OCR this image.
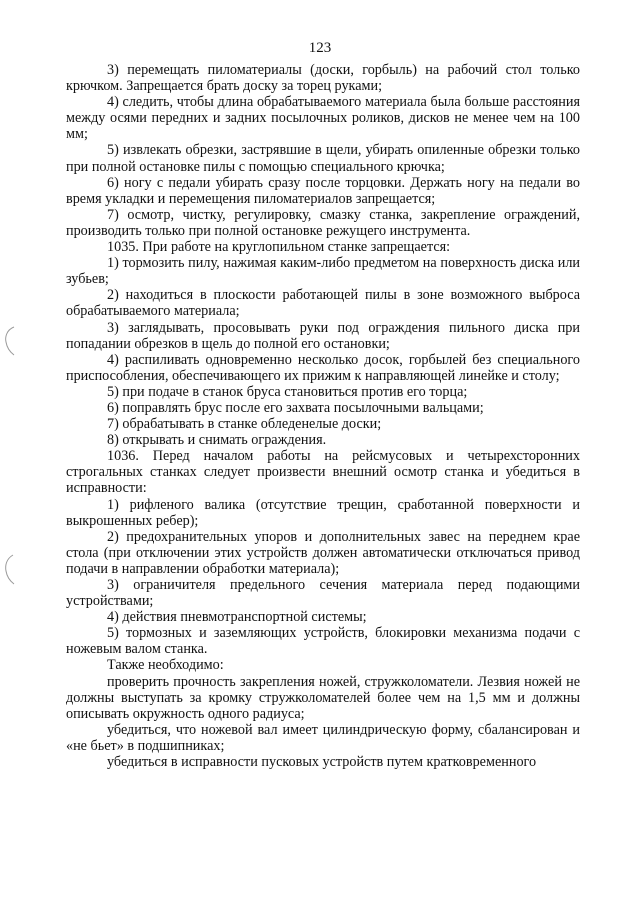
123

3) перемещать пиломатериалы (доски, горбыль) на рабочий стол только крючком. Запрещается брать доску за торец руками;

4) следить, чтобы длина обрабатываемого материала была больше расстояния между осями передних и задних посылочных роликов, дисков не менее чем на 100 мм;

5) извлекать обрезки, застрявшие в щели, убирать опиленные обрезки только при полной остановке пилы с помощью специального крючка;

6) ногу с педали убирать сразу после торцовки. Держать ногу на педали во время укладки и перемещения пиломатериалов запрещается;

7) осмотр, чистку, регулировку, смазку станка, закрепление ограждений, производить только при полной остановке режущего инструмента.

1035. При работе на круглопильном станке запрещается:

1) тормозить пилу, нажимая каким-либо предметом на поверхность диска или зубьев;

2) находиться в плоскости работающей пилы в зоне возможного выброса обрабатываемого материала;

3) заглядывать, просовывать руки под ограждения пильного диска при попадании обрезков в щель до полной его остановки;

4) распиливать одновременно несколько досок, горбылей без специального приспособления, обеспечивающего их прижим к направляющей линейке и столу;

5) при подаче в станок бруса становиться против его торца;

6) поправлять брус после его захвата посылочными вальцами;

7) обрабатывать в станке обледенелые доски;

8) открывать и снимать ограждения.

1036. Перед началом работы на рейсмусовых и четырехсторонних строгальных станках следует произвести внешний осмотр станка и убедиться в исправности:

1) рифленого валика (отсутствие трещин, сработанной поверхности и выкрошенных ребер);

2) предохранительных упоров и дополнительных завес на переднем крае стола (при отключении этих устройств должен автоматически отключаться привод подачи в направлении обработки материала);

3) ограничителя предельного сечения материала перед подающими устройствами;

4) действия пневмотранспортной системы;

5) тормозных и заземляющих устройств, блокировки механизма подачи с ножевым валом станка.

Также необходимо:

проверить прочность закрепления ножей, стружколоматели. Лезвия ножей не должны выступать за кромку стружколомателей более чем на 1,5 мм и должны описывать окружность одного радиуса;

убедиться, что ножевой вал имеет цилиндрическую форму, сбалансирован и «не бьет» в подшипниках;

убедиться в исправности пусковых устройств путем кратковременного
